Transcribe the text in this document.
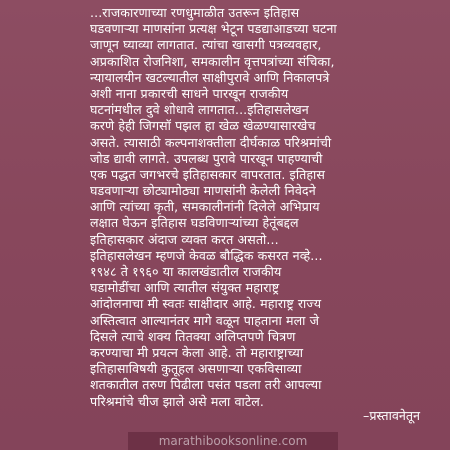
...राजकारणाच्या रणधुमाळीत उतरून इतिहास
घडवणाऱ्या माणसांना प्रत्यक्ष भेटून पडद्याआडच्या घटना
जाणून घ्याव्या लागतात. त्यांचा खासगी पत्रव्यवहार,
अप्रकाशित रोजनिशा, समकालीन वृत्तपत्रांच्या संचिका,
न्यायालयीन खटल्यातील साक्षीपुरावे आणि निकालपत्रे
अशी नाना प्रकारची साधने पारखून राजकीय
घटनांमधील दुवे शोधावे लागतात...इतिहासलेखन
करणे हेही जिगसॉ पझल हा खेळ खेळण्यासारखेच
असते. त्यासाठी कल्पनाशक्तीला दीर्घकाळ परिश्रमांची
जोड द्यावी लागते. उपलब्ध पुरावे पारखून पाहण्याची
एक पद्धत जगभरचे इतिहासकार वापरतात. इतिहास
घडवणाऱ्या छोट्यामोठ्या माणसांनी केलेली निवेदने
आणि त्यांच्या कृती, समकालीनांनी दिलेले अभिप्राय
लक्षात घेऊन इतिहास घडविणाऱ्यांच्या हेतूंबद्दल
इतिहासकार अंदाज व्यक्त करत असतो...
इतिहासलेखन म्हणजे केवळ बौद्धिक कसरत नव्हे...
१९४८ ते १९६० या कालखंडातील राजकीय
घडामोडींचा आणि त्यातील संयुक्त महाराष्ट्र
आंदोलनाचा मी स्वतः साक्षीदार आहे. महाराष्ट्र राज्य
अस्तित्वात आल्यानंतर मागे वळून पाहताना मला जे
दिसले त्याचे शक्य तितक्या अलिप्तपणे चित्रण
करण्याचा मी प्रयत्न केला आहे. तो महाराष्ट्राच्या
इतिहासाविषयी कुतूहल असणाऱ्या एकविसाव्या
शतकातील तरुण पिढीला पसंत पडला तरी आपल्या
परिश्रमांचे चीज झाले असे मला वाटेल.
–प्रस्तावनेतून
marathibooksonline.com
